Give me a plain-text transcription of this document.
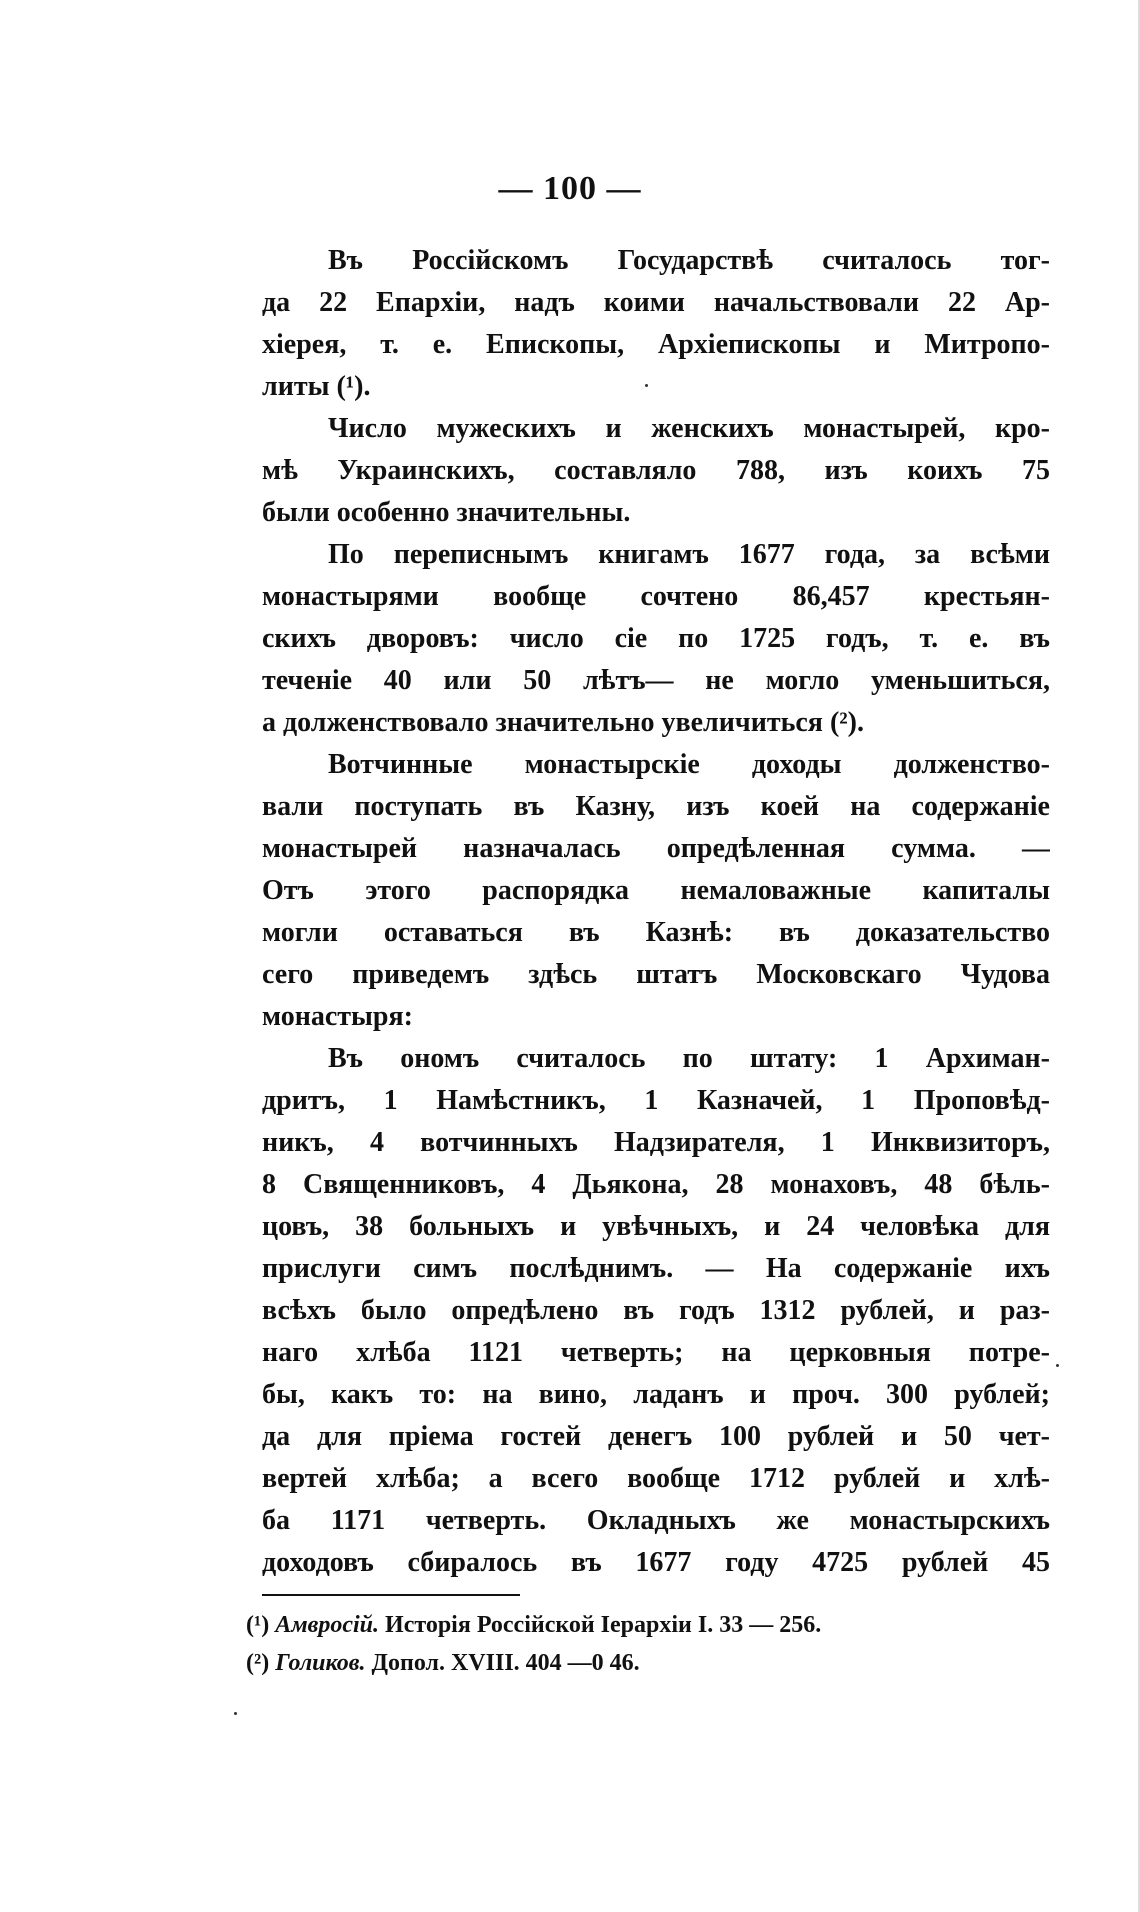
— 100 —
Въ Россійскомъ Государствѣ считалось тог-
да 22 Епархіи, надъ коими начальствовали 22 Ар-
хіерея, т. е. Епископы, Архіепископы и Митропо-
литы (¹).
Число мужескихъ и женскихъ монастырей, кро-
мѣ Украинскихъ, составляло 788, изъ коихъ 75
были особенно значительны.
По переписнымъ книгамъ 1677 года, за всѣми
монастырями вообще сочтено 86,457 крестьян-
скихъ дворовъ: число сіе по 1725 годъ, т. е. въ
теченіе 40 или 50 лѣтъ— не могло уменьшиться,
а долженствовало значительно увеличиться (²).
Вотчинные монастырскіе доходы долженство-
вали поступать въ Казну, изъ коей на содержаніе
монастырей назначалась опредѣленная сумма. —
Отъ этого распорядка немаловажные капиталы
могли оставаться въ Казнѣ: въ доказательство
сего приведемъ здѣсь штатъ Московскаго Чудова
монастыря:
Въ ономъ считалось по штату: 1 Архиман-
дритъ, 1 Намѣстникъ, 1 Казначей, 1 Проповѣд-
никъ, 4 вотчинныхъ Надзирателя, 1 Инквизиторъ,
8 Священниковъ, 4 Дьякона, 28 монаховъ, 48 бѣль-
цовъ, 38 больныхъ и увѣчныхъ, и 24 человѣка для
прислуги симъ послѣднимъ. — На содержаніе ихъ
всѣхъ было опредѣлено въ годъ 1312 рублей, и раз-
наго хлѣба 1121 четверть; на церковныя потре-
бы, какъ то: на вино, ладанъ и проч. 300 рублей;
да для пріема гостей денегъ 100 рублей и 50 чет-
вертей хлѣба; а всего вообще 1712 рублей и хлѣ-
ба 1171 четверть. Окладныхъ же монастырскихъ
доходовъ сбиралось въ 1677 году 4725 рублей 45
(¹) Амвросій. Исторія Россійской Іерархіи I. 33 — 256.
(²) Голиков. Допол. XVIII. 404 —0 46.
